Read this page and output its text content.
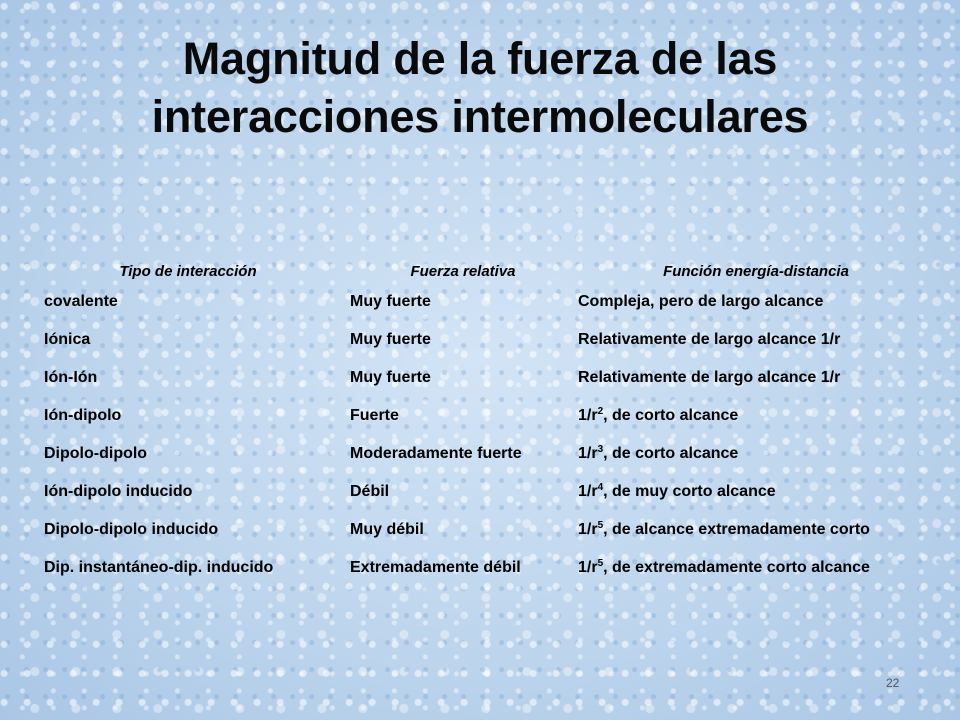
Magnitud de la fuerza de las
interacciones intermoleculares
Tipo de interacción	Fuerza relativa	Función energía-distancia
covalente	Muy fuerte	Compleja, pero de largo alcance
Iónica	Muy fuerte	Relativamente de largo alcance 1/r
Ión-Ión	Muy fuerte	Relativamente de largo alcance 1/r
Ión-dipolo	Fuerte	$1/r^2$, de corto alcance
Dipolo-dipolo	Moderadamente fuerte	$1/r^3$, de corto alcance
Ión-dipolo inducido	Débil	$1/r^4$, de muy corto alcance
Dipolo-dipolo inducido	Muy débil	$1/r^5$, de alcance extremadamente corto
Dip. instantáneo-dip. inducido	Extremadamente débil	$1/r^5$, de extremadamente corto alcance
22
